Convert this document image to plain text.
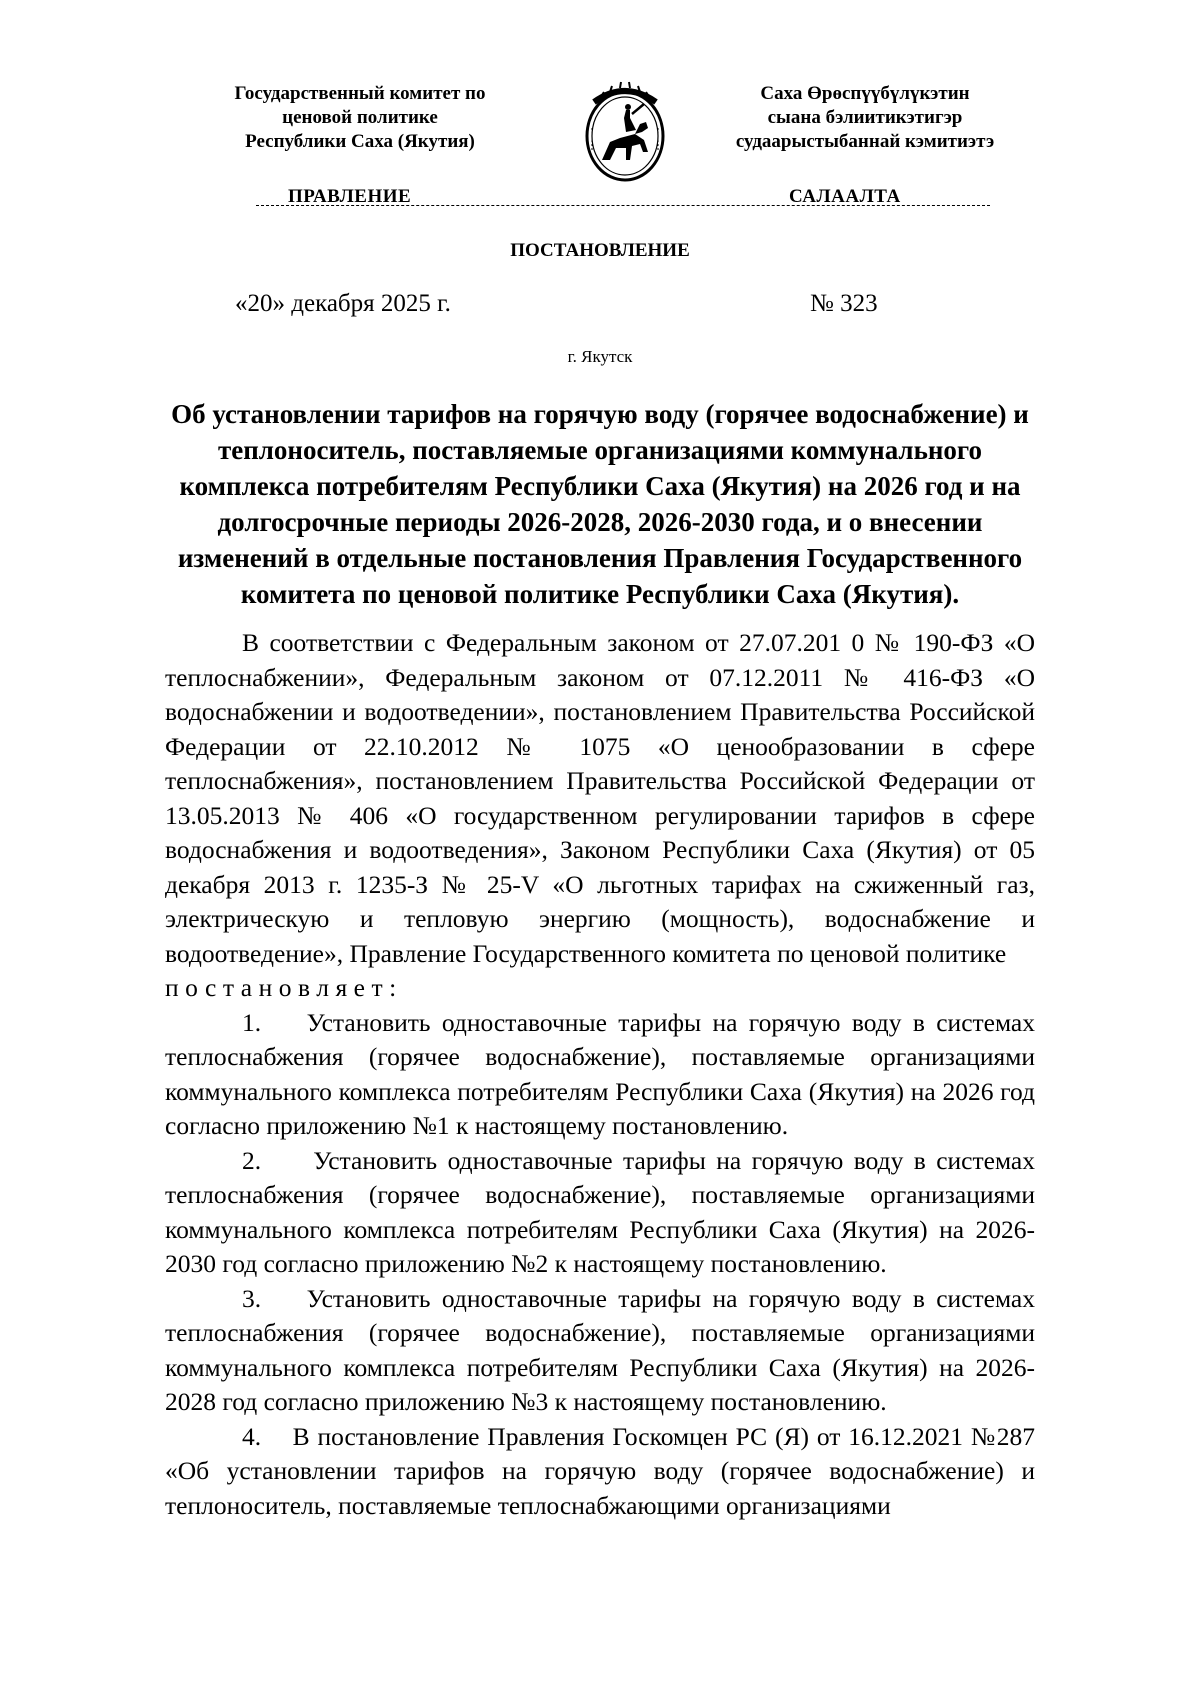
Государственный комитет по
ценовой политике
Республики Саха (Якутия)
Саха Өрөспүүбүлүкэтин
сыана бэлиитикэтигэр
судаарыстыбаннай кэмитиэтэ
ПРАВЛЕНИЕ	САЛААЛТА
ПОСТАНОВЛЕНИЕ
«20» декабря 2025 г.	№ 323
г. Якутск
Об установлении тарифов на горячую воду (горячее водоснабжение) и теплоноситель, поставляемые организациями коммунального комплекса потребителям Республики Саха (Якутия) на 2026 год и на долгосрочные периоды 2026-2028, 2026-2030 года, и о внесении изменений в отдельные постановления Правления Государственного комитета по ценовой политике Республики Саха (Якутия).

В соответствии с Федеральным законом от 27.07.201 0 № 190-ФЗ «О теплоснабжении», Федеральным законом от 07.12.2011 № 416-ФЗ «О водоснабжении и водоотведении», постановлением Правительства Российской Федерации от 22.10.2012 № 1075 «О ценообразовании в сфере теплоснабжения», постановлением Правительства Российской Федерации от 13.05.2013 № 406 «О государственном регулировании тарифов в сфере водоснабжения и водоотведения», Законом Республики Саха (Якутия) от 05 декабря 2013 г. 1235-З № 25-V «О льготных тарифах на сжиженный газ, электрическую и тепловую энергию (мощность), водоснабжение и водоотведение», Правление Государственного комитета по ценовой политике

постановляет:

1. Установить одноставочные тарифы на горячую воду в системах теплоснабжения (горячее водоснабжение), поставляемые организациями коммунального комплекса потребителям Республики Саха (Якутия) на 2026 год согласно приложению №1 к настоящему постановлению.

2. Установить одноставочные тарифы на горячую воду в системах теплоснабжения (горячее водоснабжение), поставляемые организациями коммунального комплекса потребителям Республики Саха (Якутия) на 2026-2030 год согласно приложению №2 к настоящему постановлению.

3. Установить одноставочные тарифы на горячую воду в системах теплоснабжения (горячее водоснабжение), поставляемые организациями коммунального комплекса потребителям Республики Саха (Якутия) на 2026-2028 год согласно приложению №3 к настоящему постановлению.

4. В постановление Правления Госкомцен РС (Я) от 16.12.2021 №287 «Об установлении тарифов на горячую воду (горячее водоснабжение) и теплоноситель, поставляемые теплоснабжающими организациями
